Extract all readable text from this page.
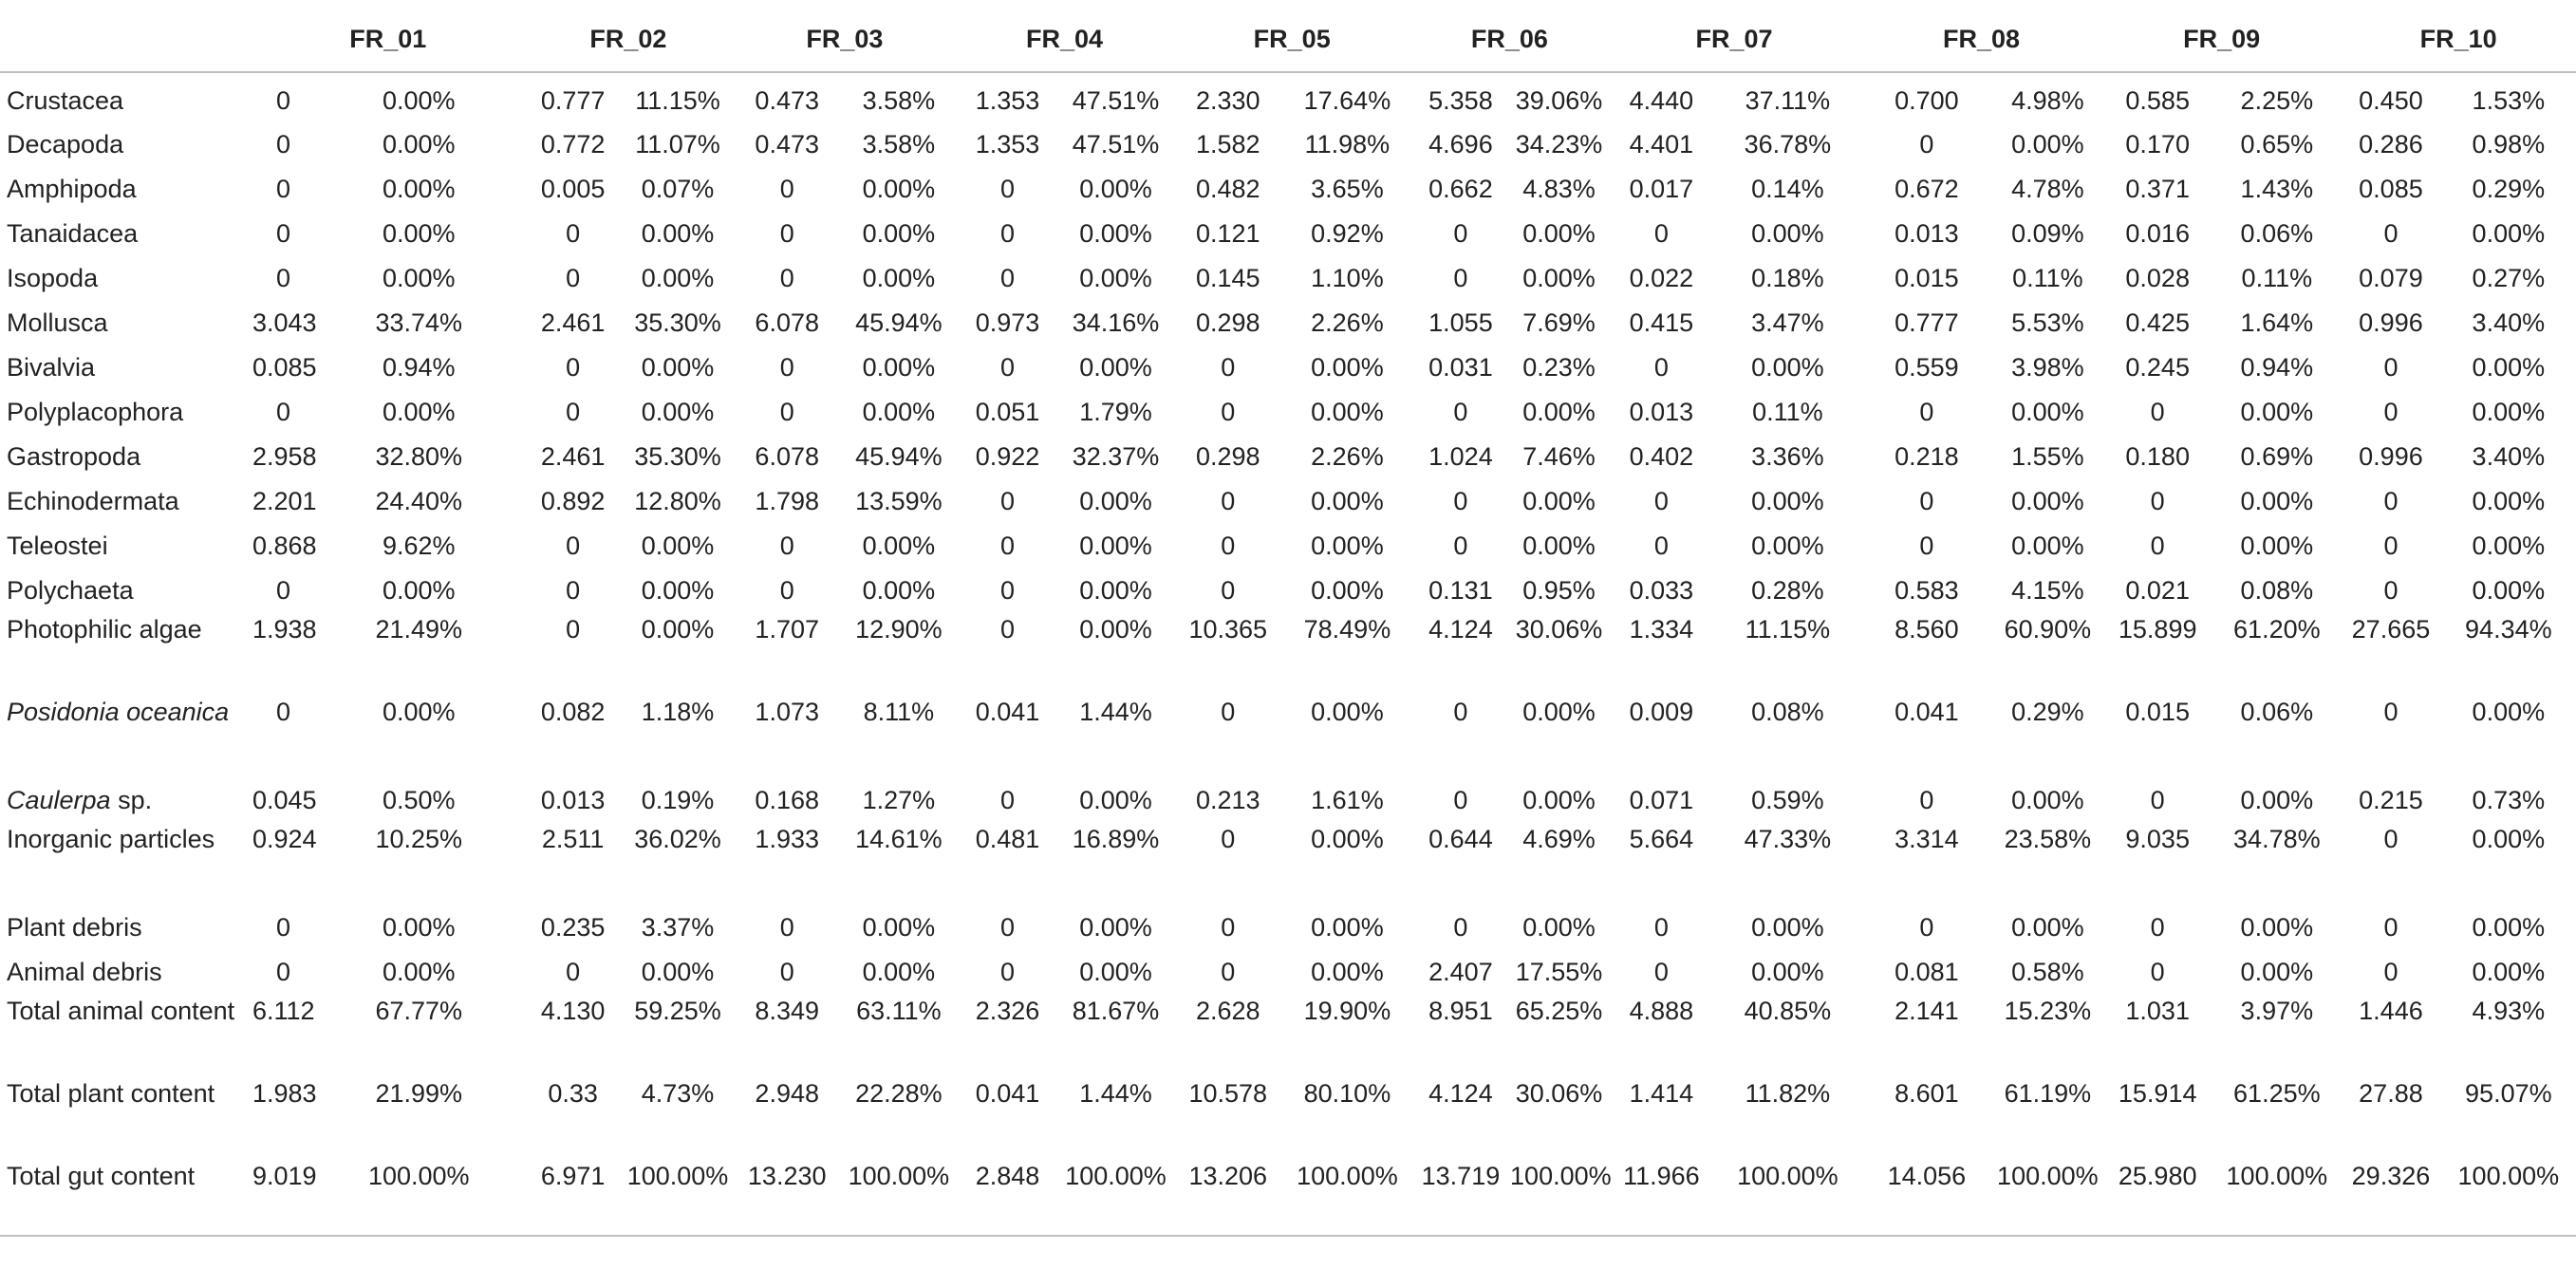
	FR_01		FR_02		FR_03		FR_04		FR_05		FR_06		FR_07		FR_08		FR_09		FR_10	
Crustacea	0	0.00%	0.777	11.15%	0.473	3.58%	1.353	47.51%	2.330	17.64%	5.358	39.06%	4.440	37.11%	0.700	4.98%	0.585	2.25%	0.450	1.53%
Decapoda	0	0.00%	0.772	11.07%	0.473	3.58%	1.353	47.51%	1.582	11.98%	4.696	34.23%	4.401	36.78%	0	0.00%	0.170	0.65%	0.286	0.98%
Amphipoda	0	0.00%	0.005	0.07%	0	0.00%	0	0.00%	0.482	3.65%	0.662	4.83%	0.017	0.14%	0.672	4.78%	0.371	1.43%	0.085	0.29%
Tanaidacea	0	0.00%	0	0.00%	0	0.00%	0	0.00%	0.121	0.92%	0	0.00%	0	0.00%	0.013	0.09%	0.016	0.06%	0	0.00%
Isopoda	0	0.00%	0	0.00%	0	0.00%	0	0.00%	0.145	1.10%	0	0.00%	0.022	0.18%	0.015	0.11%	0.028	0.11%	0.079	0.27%
Mollusca	3.043	33.74%	2.461	35.30%	6.078	45.94%	0.973	34.16%	0.298	2.26%	1.055	7.69%	0.415	3.47%	0.777	5.53%	0.425	1.64%	0.996	3.40%
Bivalvia	0.085	0.94%	0	0.00%	0	0.00%	0	0.00%	0	0.00%	0.031	0.23%	0	0.00%	0.559	3.98%	0.245	0.94%	0	0.00%
Polyplacophora	0	0.00%	0	0.00%	0	0.00%	0.051	1.79%	0	0.00%	0	0.00%	0.013	0.11%	0	0.00%	0	0.00%	0	0.00%
Gastropoda	2.958	32.80%	2.461	35.30%	6.078	45.94%	0.922	32.37%	0.298	2.26%	1.024	7.46%	0.402	3.36%	0.218	1.55%	0.180	0.69%	0.996	3.40%
Echinodermata	2.201	24.40%	0.892	12.80%	1.798	13.59%	0	0.00%	0	0.00%	0	0.00%	0	0.00%	0	0.00%	0	0.00%	0	0.00%
Teleostei	0.868	9.62%	0	0.00%	0	0.00%	0	0.00%	0	0.00%	0	0.00%	0	0.00%	0	0.00%	0	0.00%	0	0.00%
Polychaeta	0	0.00%	0	0.00%	0	0.00%	0	0.00%	0	0.00%	0.131	0.95%	0.033	0.28%	0.583	4.15%	0.021	0.08%	0	0.00%
Photophilic algae	1.938	21.49%	0	0.00%	1.707	12.90%	0	0.00%	10.365	78.49%	4.124	30.06%	1.334	11.15%	8.560	60.90%	15.899	61.20%	27.665	94.34%
Posidonia oceanica	0	0.00%	0.082	1.18%	1.073	8.11%	0.041	1.44%	0	0.00%	0	0.00%	0.009	0.08%	0.041	0.29%	0.015	0.06%	0	0.00%
Caulerpa sp.	0.045	0.50%	0.013	0.19%	0.168	1.27%	0	0.00%	0.213	1.61%	0	0.00%	0.071	0.59%	0	0.00%	0	0.00%	0.215	0.73%
Inorganic particles	0.924	10.25%	2.511	36.02%	1.933	14.61%	0.481	16.89%	0	0.00%	0.644	4.69%	5.664	47.33%	3.314	23.58%	9.035	34.78%	0	0.00%
Plant debris	0	0.00%	0.235	3.37%	0	0.00%	0	0.00%	0	0.00%	0	0.00%	0	0.00%	0	0.00%	0	0.00%	0	0.00%
Animal debris	0	0.00%	0	0.00%	0	0.00%	0	0.00%	0	0.00%	2.407	17.55%	0	0.00%	0.081	0.58%	0	0.00%	0	0.00%
Total animal content	6.112	67.77%	4.130	59.25%	8.349	63.11%	2.326	81.67%	2.628	19.90%	8.951	65.25%	4.888	40.85%	2.141	15.23%	1.031	3.97%	1.446	4.93%
Total plant content	1.983	21.99%	0.33	4.73%	2.948	22.28%	0.041	1.44%	10.578	80.10%	4.124	30.06%	1.414	11.82%	8.601	61.19%	15.914	61.25%	27.88	95.07%
Total gut content	9.019	100.00%	6.971	100.00%	13.230	100.00%	2.848	100.00%	13.206	100.00%	13.719	100.00%	11.966	100.00%	14.056	100.00%	25.980	100.00%	29.326	100.00%
